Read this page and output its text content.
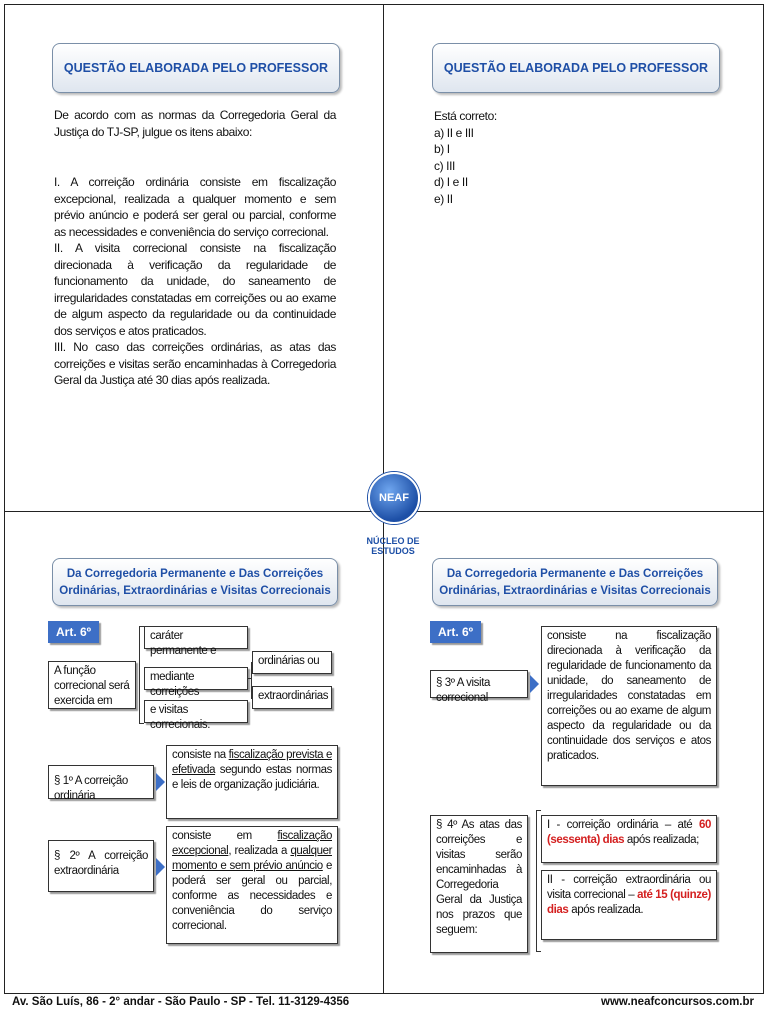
QUESTÃO ELABORADA PELO PROFESSOR
De acordo com as normas da Corregedoria Geral da Justiça do TJ-SP, julgue os itens abaixo:
I. A correição ordinária consiste em fiscalização excepcional, realizada a qualquer momento e sem prévio anúncio e poderá ser geral ou parcial, conforme as necessidades e conveniência do serviço correcional.
II. A visita correcional consiste na fiscalização direcionada à verificação da regularidade de funcionamento da unidade, do saneamento de irregularidades constatadas em correições ou ao exame de algum aspecto da regularidade ou da continuidade dos serviços e atos praticados.
III. No caso das correições ordinárias, as atas das correições e visitas serão encaminhadas à Corregedoria Geral da Justiça até 30 dias após realizada.
QUESTÃO ELABORADA PELO PROFESSOR
Está correto:
a) II e III
b) I
c) III
d) I e II
e) II
NEAF
NÚCLEO DE
ESTUDOS
Da Corregedoria Permanente e Das Correições
Ordinárias, Extraordinárias e Visitas Correcionais
Art. 6º
A função correcional será exercida em
caráter permanente e
mediante correições
e visitas correcionais.
ordinárias ou
extraordinárias
§ 1º A correição ordinária
consiste na fiscalização prevista e efetivada segundo estas normas e leis de organização judiciária.
§ 2º A correição extraordinária
consiste em fiscalização excepcional, realizada a qualquer momento e sem prévio anúncio e poderá ser geral ou parcial, conforme as necessidades e conveniência do serviço correcional.
Da Corregedoria Permanente e Das Correições
Ordinárias, Extraordinárias e Visitas Correcionais
Art. 6º
§ 3º A visita correcional
consiste na fiscalização direcionada à verificação da regularidade de funcionamento da unidade, do saneamento de irregularidades constatadas em correições ou ao exame de algum aspecto da regularidade ou da continuidade dos serviços e atos praticados.
§ 4º As atas das correições e visitas serão encaminhadas à Corregedoria Geral da Justiça nos prazos que seguem:
I - correição ordinária – até 60 (sessenta) dias após realizada;
II - correição extraordinária ou visita correcional – até 15 (quinze) dias após realizada.
Av. São Luís, 86 - 2° andar - São Paulo - SP - Tel. 11-3129-4356	www.neafconcursos.com.br
